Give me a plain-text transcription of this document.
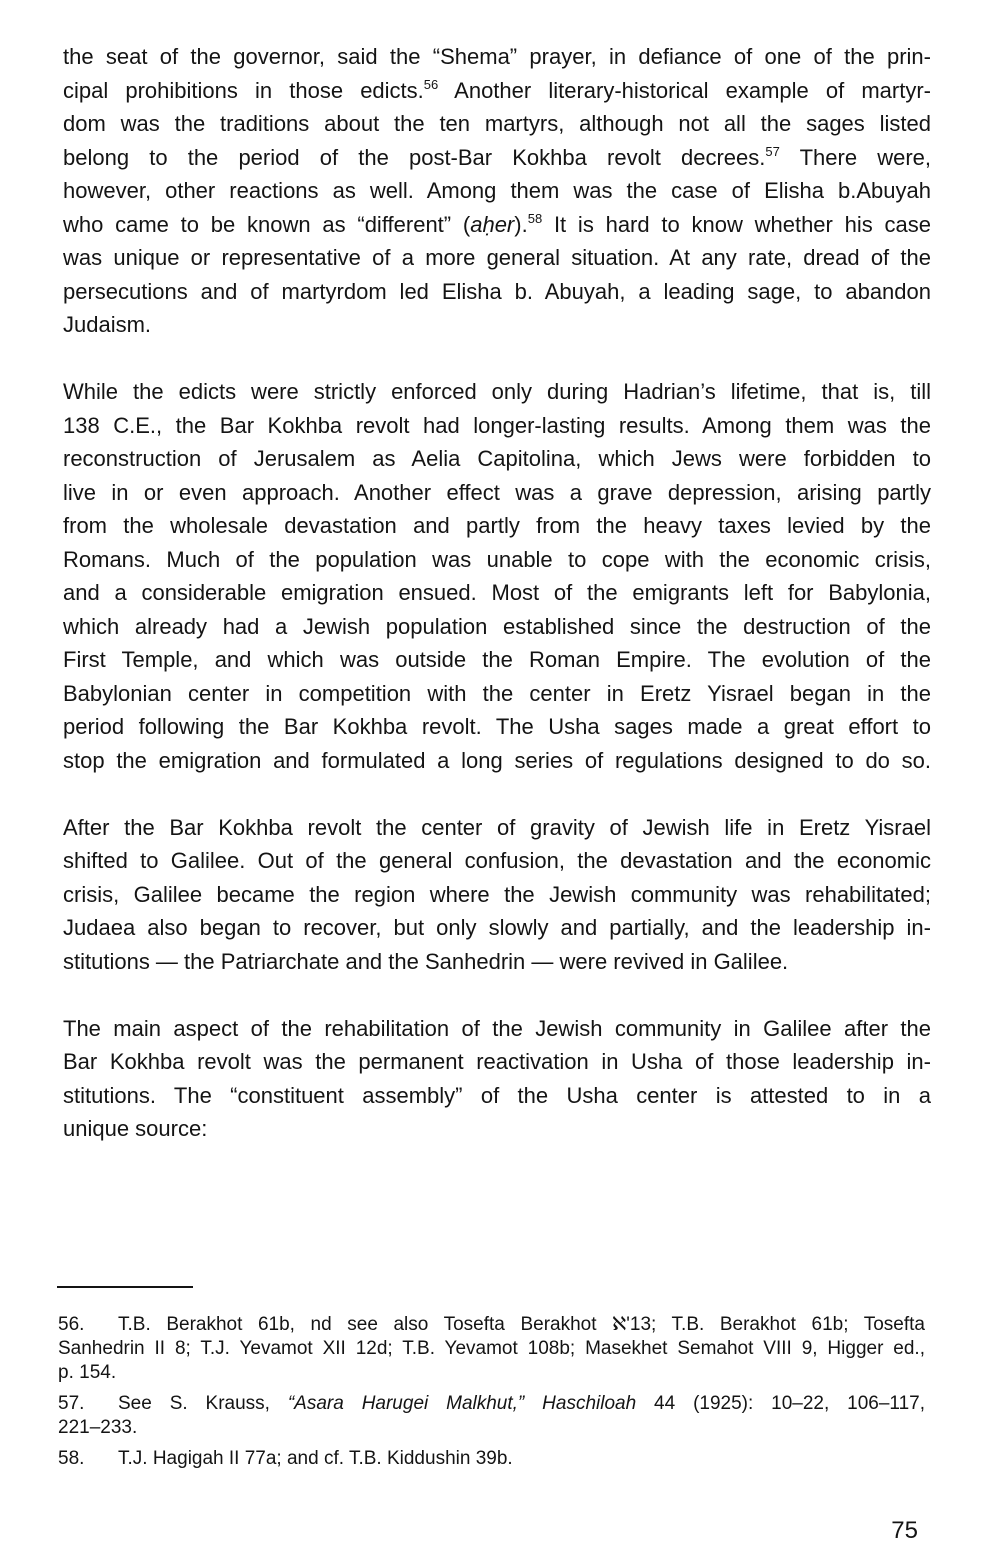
the seat of the governor, said the “Shema” prayer, in defiance of one of the prin-
cipal prohibitions in those edicts.$^{56}$ Another literary-historical example of martyr-
dom was the traditions about the ten martyrs, although not all the sages listed
belong to the period of the post-Bar Kokhba revolt decrees.$^{57}$ There were,
however, other reactions as well. Among them was the case of Elisha b.Abuyah
who came to be known as “different” (aḥer).$^{58}$ It is hard to know whether his case
was unique or representative of a more general situation. At any rate, dread of the
persecutions and of martyrdom led Elisha b. Abuyah, a leading sage, to abandon
Judaism.
While the edicts were strictly enforced only during Hadrian’s lifetime, that is, till
138 C.E., the Bar Kokhba revolt had longer-lasting results. Among them was the
reconstruction of Jerusalem as Aelia Capitolina, which Jews were forbidden to
live in or even approach. Another effect was a grave depression, arising partly
from the wholesale devastation and partly from the heavy taxes levied by the
Romans. Much of the population was unable to cope with the economic crisis,
and a considerable emigration ensued. Most of the emigrants left for Babylonia,
which already had a Jewish population established since the destruction of the
First Temple, and which was outside the Roman Empire. The evolution of the
Babylonian center in competition with the center in Eretz Yisrael began in the
period following the Bar Kokhba revolt. The Usha sages made a great effort to
stop the emigration and formulated a long series of regulations designed to do so.
After the Bar Kokhba revolt the center of gravity of Jewish life in Eretz Yisrael
shifted to Galilee. Out of the general confusion, the devastation and the economic
crisis, Galilee became the region where the Jewish community was rehabilitated;
Judaea also began to recover, but only slowly and partially, and the leadership in-
stitutions — the Patriarchate and the Sanhedrin — were revived in Galilee.
The main aspect of the rehabilitation of the Jewish community in Galilee after the
Bar Kokhba revolt was the permanent reactivation in Usha of those leadership in-
stitutions. The “constituent assembly” of the Usha center is attested to in a
unique source:
56. T.B. Berakhot 61b, nd see also Tosefta Berakhot ℵ'13; T.B. Berakhot 61b; Tosefta
Sanhedrin II 8; T.J. Yevamot XII 12d; T.B. Yevamot 108b; Masekhet Semahot VIII 9, Higger ed.,
p. 154.
57. See S. Krauss, “Asara Harugei Malkhut,” Haschiloah 44 (1925): 10–22, 106–117,
221–233.
58. T.J. Hagigah II 77a; and cf. T.B. Kiddushin 39b.
75
